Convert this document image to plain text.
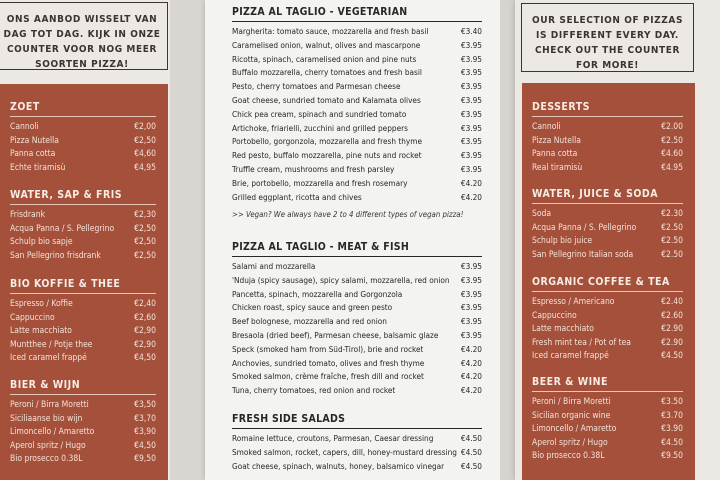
ONS AANBOD WISSELT VAN DAG TOT DAG. KIJK IN ONZE COUNTER VOOR NOG MEER SOORTEN PIZZA!
OUR SELECTION OF PIZZAS IS DIFFERENT EVERY DAY. CHECK OUT THE COUNTER FOR MORE!
ZOET
Cannoli	€2,00
Pizza Nutella	€2,50
Panna cotta	€4,60
Echte tiramisù	€4,95
WATER, SAP & FRIS
Frisdrank	€2,30
Acqua Panna / S. Pellegrino €2,50
Schulp bio sapje	€2,50
San Pellegrino frisdrank	€2,50
BIO KOFFIE & THEE
Espresso / Koffie	€2,40
Cappuccino	€2,60
Latte macchiato	€2,90
Muntthee / Potje thee	€2,90
Iced caramel frappé	€4,50
BIER & WIJN
Peroni / Birra Moretti	€3,50
Siciliaanse bio wijn	€3,70
Limoncello / Amaretto	€3,90
Aperol spritz / Hugo	€4,50
Bio prosecco 0.38L	€9,50
PIZZA AL TAGLIO - VEGETARIAN
Margherita: tomato sauce, mozzarella and fresh basil	€3.40
Caramelised onion, walnut, olives and mascarpone	€3.95
Ricotta, spinach, caramelised onion and pine nuts	€3.95
Buffalo mozzarella, cherry tomatoes and fresh basil	€3.95
Pesto, cherry tomatoes and Parmesan cheese	€3.95
Goat cheese, sundried tomato and Kalamata olives	€3.95
Chick pea cream, spinach and sundried tomato	€3.95
Artichoke, friarielli, zucchini and grilled peppers	€3.95
Portobello, gorgonzola, mozzarella and fresh thyme	€3.95
Red pesto, buffalo mozzarella, pine nuts and rocket	€3.95
Truffle cream, mushrooms and fresh parsley	€3.95
Brie, portobello, mozzarella and fresh rosemary	€4.20
Grilled eggplant, ricotta and chives	€4.20
>> Vegan? We always have 2 to 4 different types of vegan pizza!
PIZZA AL TAGLIO - MEAT & FISH
Salami and mozzarella	€3.95
'Nduja (spicy sausage), spicy salami, mozzarella, red onion €3.95
Pancetta, spinach, mozzarella and Gorgonzola	€3.95
Chicken roast, spicy sauce and green pesto	€3.95
Beef bolognese, mozzarella and red onion	€3.95
Bresaola (dried beef), Parmesan cheese, balsamic glaze	€3.95
Speck (smoked ham from Süd-Tirol), brie and rocket	€4.20
Anchovies, sundried tomato, olives and fresh thyme	€4.20
Smoked salmon, crème fraîche, fresh dill and rocket	€4.20
Tuna, cherry tomatoes, red onion and rocket	€4.20
FRESH SIDE SALADS
Romaine lettuce, croutons, Parmesan, Caesar dressing	€4.50
Smoked salmon, rocket, capers, dill, honey-mustard dressing €4.50
Goat cheese, spinach, walnuts, honey, balsamico vinegar €4.50
DESSERTS
Cannoli	€2.00
Pizza Nutella	€2.50
Panna cotta	€4.60
Real tiramisù	€4.95
WATER, JUICE & SODA
Soda	€2.30
Acqua Panna / S. Pellegrino	€2.50
Schulp bio juice	€2.50
San Pellegrino Italian soda	€2.50
ORGANIC COFFEE & TEA
Espresso / Americano	€2.40
Cappuccino	€2.60
Latte macchiato	€2.90
Fresh mint tea / Pot of tea	€2.90
Iced caramel frappé	€4.50
BEER & WINE
Peroni / Birra Moretti	€3.50
Sicilian organic wine	€3.70
Limoncello / Amaretto	€3.90
Aperol spritz / Hugo	€4.50
Bio prosecco 0.38L	€9.50
